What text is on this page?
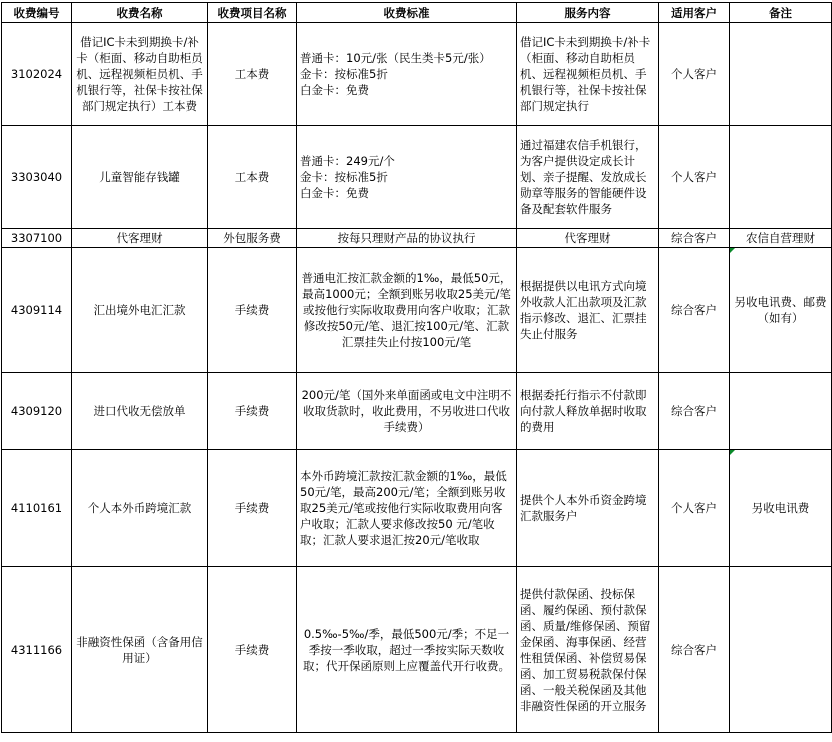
收费编号	收费名称	收费项目名称	收费标准	服务内容	适用客户	备注
3102024	借记IC卡未到期换卡/补卡（柜面、移动自助柜员机、远程视频柜员机、手机银行等，社保卡按社保部门规定执行）工本费	工本费	普通卡：10元/张（民生类卡5元/张）
金卡：按标准5折
白金卡：免费	借记IC卡未到期换卡/补卡（柜面、移动自助柜员机、远程视频柜员机、手机银行等，社保卡按社保部门规定执行	个人客户	
3303040	儿童智能存钱罐	工本费	普通卡：249元/个
金卡：按标准5折
白金卡：免费	通过福建农信手机银行，为客户提供设定成长计划、亲子提醒、发放成长勋章等服务的智能硬件设备及配套软件服务	个人客户	
3307100	代客理财	外包服务费	按每只理财产品的协议执行	代客理财	综合客户	农信自营理财
4309114	汇出境外电汇汇款	手续费	普通电汇按汇款金额的1‰，最低50元，最高1000元；全额到账另收取25美元/笔或按他行实际收取费用向客户收取；汇款修改按50元/笔、退汇按100元/笔、汇款汇票挂失止付按100元/笔	根据提供以电讯方式向境外收款人汇出款项及汇款指示修改、退汇、汇票挂失止付服务	综合客户	另收电讯费、邮费（如有）
4309120	进口代收无偿放单	手续费	200元/笔（国外来单面函或电文中注明不收取货款时，收此费用，不另收进口代收手续费）	根据委托行指示不付款即向付款人释放单据时收取的费用	综合客户	
4110161	个人本外币跨境汇款	手续费	本外币跨境汇款按汇款金额的1‰，最低50元/笔，最高200元/笔；全额到账另收取25美元/笔或按他行实际收取费用向客户收取；汇款人要求修改按50 元/笔收取；汇款人要求退汇按20元/笔收取	提供个人本外币资金跨境汇款服务户	个人客户	另收电讯费
4311166	非融资性保函（含备用信用证）	手续费	0.5‰-5‰/季，最低500元/季；不足一季按一季收取，超过一季按实际天数收取；代开保函原则上应覆盖代开行收费。	提供付款保函、投标保函、履约保函、预付款保函、质量/维修保函、预留金保函、海事保函、经营性租赁保函、补偿贸易保函、加工贸易税款保付保函、一般关税保函及其他非融资性保函的开立服务	综合客户	
